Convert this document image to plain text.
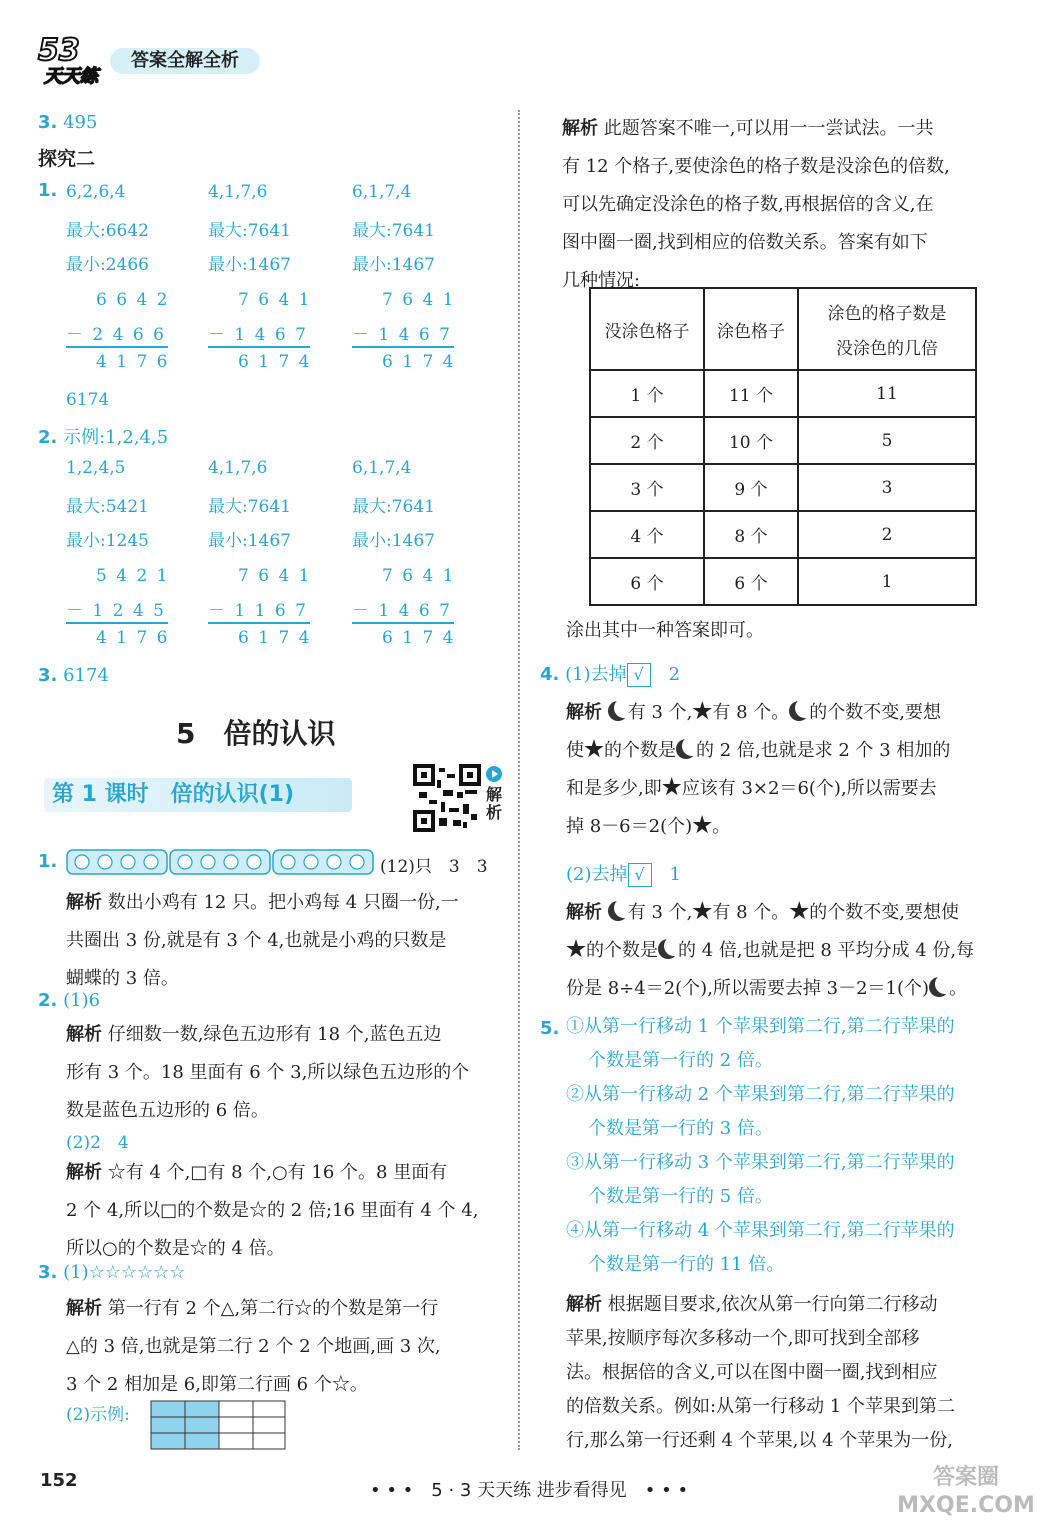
53
天天练
答案全解全析
3. 495
探究二
1. 6,2,6,4
最大:6642
最小:2466
6 6 4 2
－ 2 4 6 6
4 1 7 6
4,1,7,6
最大:7641
最小:1467
7 6 4 1
－ 1 4 6 7
6 1 7 4
6,1,7,4
最大:7641
最小:1467
7 6 4 1
－ 1 4 6 7
6 1 7 4
6174
2. 示例:1,2,4,5
1,2,4,5
最大:5421
最小:1245
5 4 2 1
－ 1 2 4 5
4 1 7 6
4,1,7,6
最大:7641
最小:1467
7 6 4 1
－ 1 1 6 7
6 1 7 4
6,1,7,4
最大:7641
最小:1467
7 6 4 1
－ 1 4 6 7
6 1 7 4
3. 6174
5　倍的认识
第 1 课时　倍的认识(1)	解析
1.	(12)只　3　3
解析 数出小鸡有 12 只。把小鸡每 4 只圈一份,一
共圈出 3 份,就是有 3 个 4,也就是小鸡的只数是
蝴蝶的 3 倍。
2. (1)6
解析 仔细数一数,绿色五边形有 18 个,蓝色五边
形有 3 个。18 里面有 6 个 3,所以绿色五边形的个
数是蓝色五边形的 6 倍。
(2)2　4
解析 ☆有 4 个,□有 8 个,○有 16 个。8 里面有
2 个 4,所以□的个数是☆的 2 倍;16 里面有 4 个 4,
所以○的个数是☆的 4 倍。
3. (1)☆☆☆☆☆☆
解析 第一行有 2 个△,第二行☆的个数是第一行
△的 3 倍,也就是第二行 2 个 2 个地画,画 3 次,
3 个 2 相加是 6,即第二行画 6 个☆。
(2)示例:
解析 此题答案不唯一,可以用一一尝试法。一共
有 12 个格子,要使涂色的格子数是没涂色的倍数,
可以先确定没涂色的格子数,再根据倍的含义,在
图中圈一圈,找到相应的倍数关系。答案有如下
几种情况:
没涂色格子	涂色格子	涂色的格子数是
没涂色的几倍

1 个	11 个	11
2 个	10 个	5
3 个	9 个	3
4 个	8 个	2
6 个	6 个	1
涂出其中一种答案即可。
4. (1)去掉 √　 2
解析 有 3 个, 有 8 个。 的个数不变,要想
使 的个数是 的 2 倍,也就是求 2 个 3 相加的
和是多少,即 应该有 3×2＝6(个),所以需要去
掉 8－6＝2(个) 。
(2)去掉 √　 1
解析 有 3 个, 有 8 个。 的个数不变,要想使
的个数是 的 4 倍,也就是把 8 平均分成 4 份,每
份是 8÷4＝2(个),所以需要去掉 3－2＝1(个) 。
5. ①从第一行移动 1 个苹果到第二行,第二行苹果的
个数是第一行的 2 倍。
②从第一行移动 2 个苹果到第二行,第二行苹果的
个数是第一行的 3 倍。
③从第一行移动 3 个苹果到第二行,第二行苹果的
个数是第一行的 5 倍。
④从第一行移动 4 个苹果到第二行,第二行苹果的
个数是第一行的 11 倍。
解析 根据题目要求,依次从第一行向第二行移动
苹果,按顺序每次多移动一个,即可找到全部移
法。根据倍的含义,可以在图中圈一圈,找到相应
的倍数关系。例如:从第一行移动 1 个苹果到第二
行,那么第一行还剩 4 个苹果,以 4 个苹果为一份,
152	• • •　5 · 3 天天练 进步看得见　• • •
答案圈 MXQE.COM
